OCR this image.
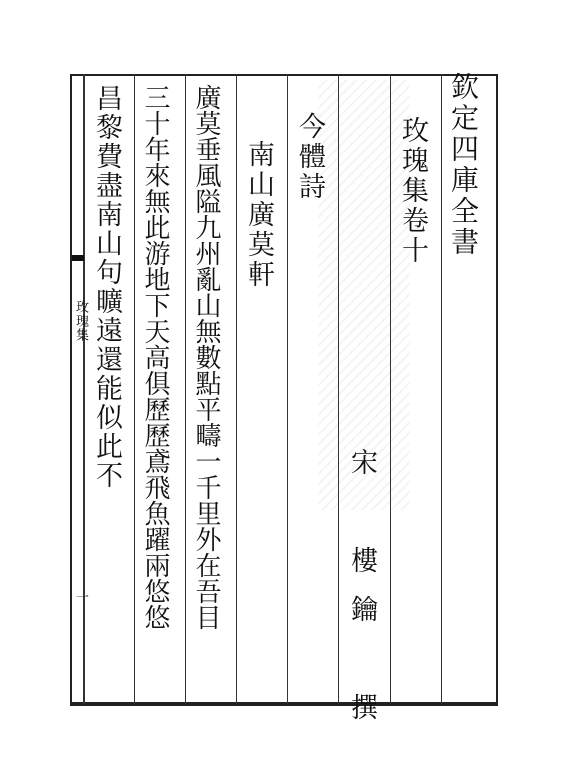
欽定四庫全書
玫瑰集卷十
宋　樓鑰　撰
今體詩
南山廣莫軒
廣莫垂風隘九州亂山無數點平疇一千里外在吾目
三十年來無此游地下天高俱歷歷鳶飛魚躍兩悠悠
昌黎費盡南山句曠遠還能似此不
玫瑰集
一
